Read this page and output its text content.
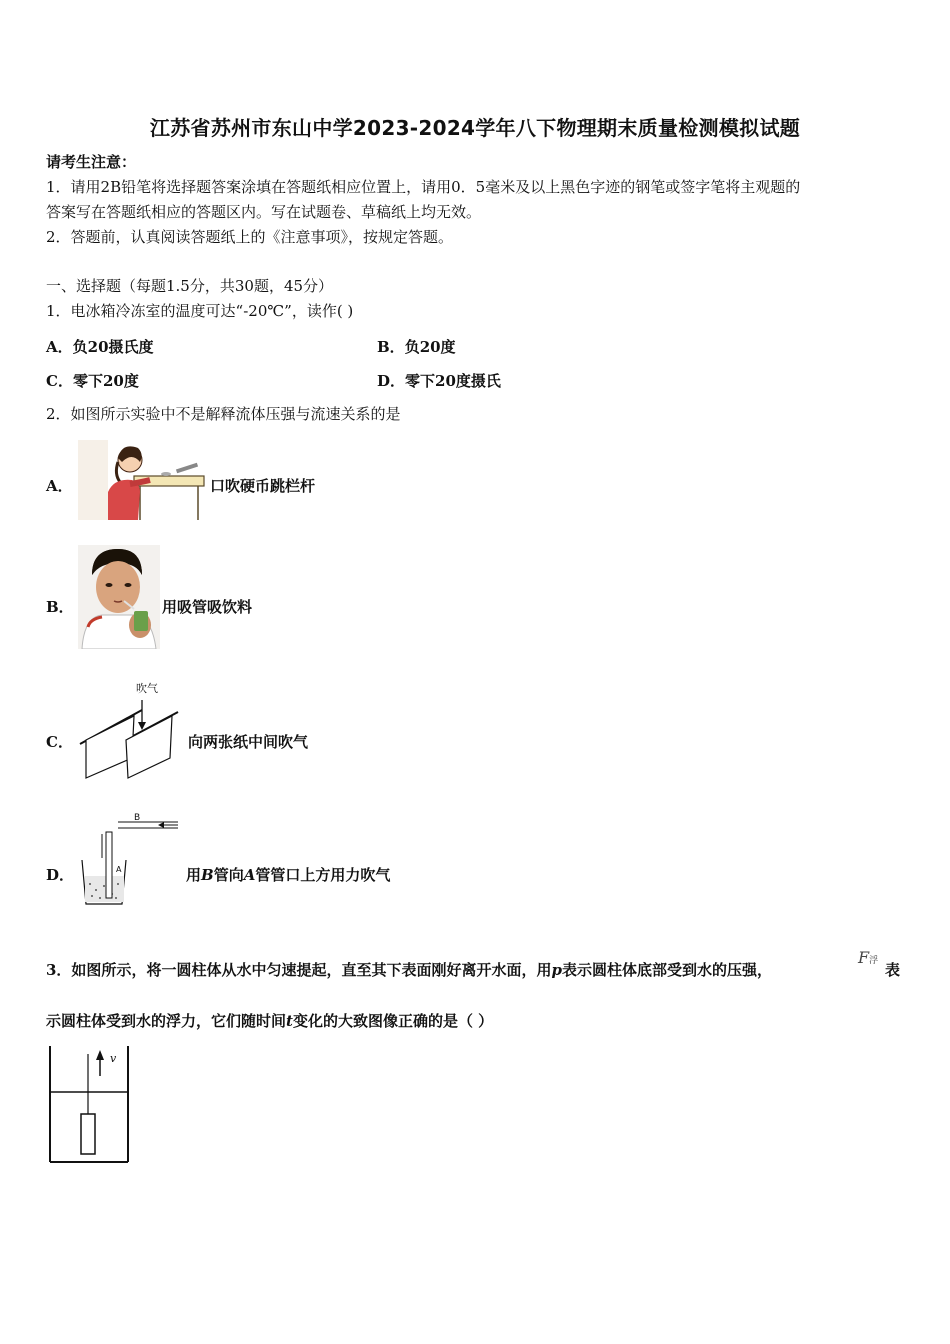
江苏省苏州市东山中学2023-2024学年八下物理期末质量检测模拟试题
请考生注意：
1．请用2B铅笔将选择题答案涂填在答题纸相应位置上，请用0．5毫米及以上黑色字迹的钢笔或签字笔将主观题的
答案写在答题纸相应的答题区内。写在试题卷、草稿纸上均无效。
2．答题前，认真阅读答题纸上的《注意事项》，按规定答题。
一、选择题（每题1.5分，共30题，45分）
1．电冰箱冷冻室的温度可达“-20℃”，读作( )
A．负20摄氏度	B．负20度
C．零下20度	D．零下20度摄氏
2．如图所示实验中不是解释流体压强与流速关系的是
A．	口吹硬币跳栏杆
B．	用吸管吸饮料
C．
吹气
向两张纸中间吹气
D．
B
A	用B管向A管管口上方用力吹气
3．如图所示，将一圆柱体从水中匀速提起，直至其下表面刚好离开水面，用p表示圆柱体底部受到水的压强，
F浮 表
示圆柱体受到水的浮力，它们随时间t变化的大致图像正确的是（ ）
v
